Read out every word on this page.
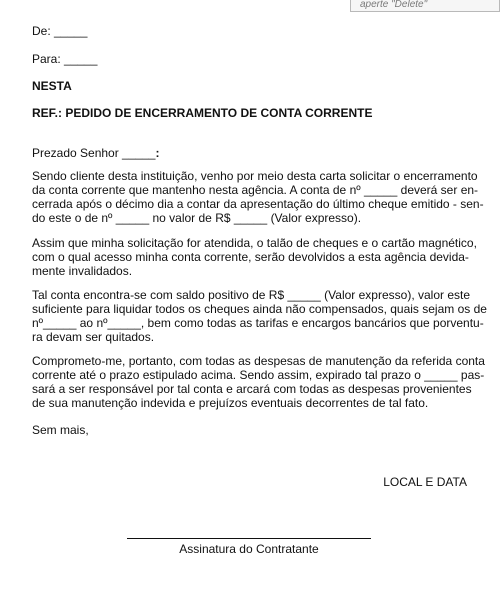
aperte "Delete"
De: _____
Para: _____
NESTA
REF.: PEDIDO DE ENCERRAMENTO DE CONTA CORRENTE
Prezado Senhor _____:
Sendo cliente desta instituição, venho por meio desta carta solicitar o encerramento
da conta corrente que mantenho nesta agência. A conta de nº _____ deverá ser en-
cerrada após o décimo dia a contar da apresentação do último cheque emitido - sen-
do este o de nº _____ no valor de R$ _____ (Valor expresso).
Assim que minha solicitação for atendida, o talão de cheques e o cartão magnético,
com o qual acesso minha conta corrente, serão devolvidos a esta agência devida-
mente invalidados.
Tal conta encontra-se com saldo positivo de R$ _____ (Valor expresso), valor este
suficiente para liquidar todos os cheques ainda não compensados, quais sejam os de
nº_____ ao nº_____, bem como todas as tarifas e encargos bancários que porventu-
ra devam ser quitados.
Comprometo-me, portanto, com todas as despesas de manutenção da referida conta
corrente até o prazo estipulado acima. Sendo assim, expirado tal prazo o _____ pas-
sará a ser responsável por tal conta e arcará com todas as despesas provenientes
de sua manutenção indevida e prejuízos eventuais decorrentes de tal fato.
Sem mais,
LOCAL E DATA
Assinatura do Contratante
